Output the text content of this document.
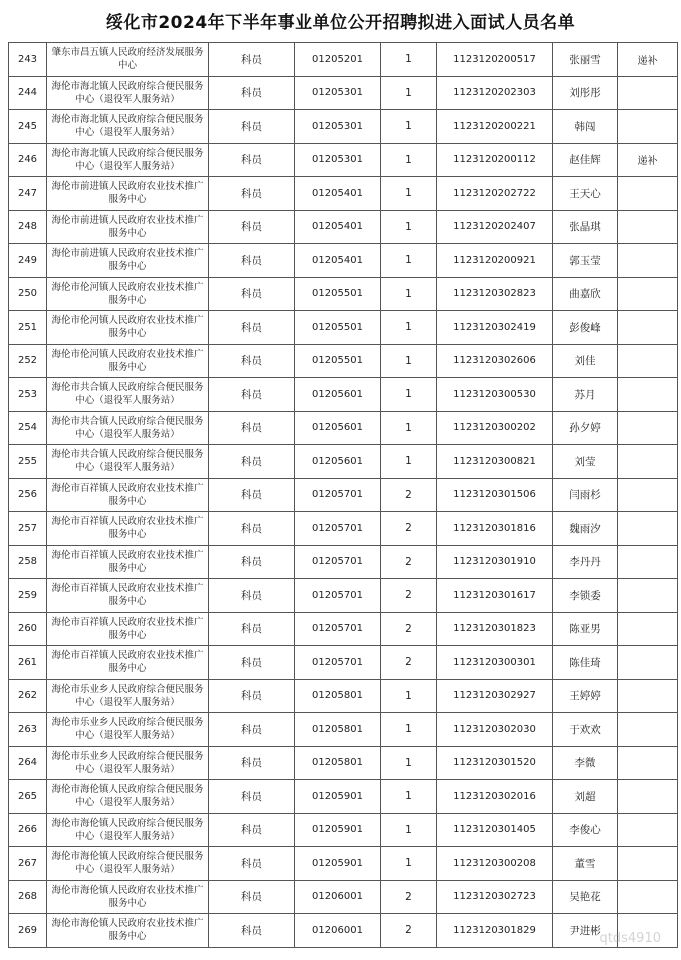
绥化市2024年下半年事业单位公开招聘拟进入面试人员名单
243	肇东市昌五镇人民政府经济发展服务中心	科员	01205201	1	1123120200517	张丽雪	递补
244	海伦市海北镇人民政府综合便民服务中心（退役军人服务站）	科员	01205301	1	1123120202303	刘彤彤	
245	海伦市海北镇人民政府综合便民服务中心（退役军人服务站）	科员	01205301	1	1123120200221	韩闯	
246	海伦市海北镇人民政府综合便民服务中心（退役军人服务站）	科员	01205301	1	1123120200112	赵佳辉	递补
247	海伦市前进镇人民政府农业技术推广服务中心	科员	01205401	1	1123120202722	王天心	
248	海伦市前进镇人民政府农业技术推广服务中心	科员	01205401	1	1123120202407	张晶琪	
249	海伦市前进镇人民政府农业技术推广服务中心	科员	01205401	1	1123120200921	郭玉莹	
250	海伦市伦河镇人民政府农业技术推广服务中心	科员	01205501	1	1123120302823	曲嘉欣	
251	海伦市伦河镇人民政府农业技术推广服务中心	科员	01205501	1	1123120302419	彭俊峰	
252	海伦市伦河镇人民政府农业技术推广服务中心	科员	01205501	1	1123120302606	刘佳	
253	海伦市共合镇人民政府综合便民服务中心（退役军人服务站）	科员	01205601	1	1123120300530	苏月	
254	海伦市共合镇人民政府综合便民服务中心（退役军人服务站）	科员	01205601	1	1123120300202	孙夕婷	
255	海伦市共合镇人民政府综合便民服务中心（退役军人服务站）	科员	01205601	1	1123120300821	刘莹	
256	海伦市百祥镇人民政府农业技术推广服务中心	科员	01205701	2	1123120301506	闫雨杉	
257	海伦市百祥镇人民政府农业技术推广服务中心	科员	01205701	2	1123120301816	魏雨汐	
258	海伦市百祥镇人民政府农业技术推广服务中心	科员	01205701	2	1123120301910	李丹丹	
259	海伦市百祥镇人民政府农业技术推广服务中心	科员	01205701	2	1123120301617	李锁委	
260	海伦市百祥镇人民政府农业技术推广服务中心	科员	01205701	2	1123120301823	陈亚男	
261	海伦市百祥镇人民政府农业技术推广服务中心	科员	01205701	2	1123120300301	陈佳琦	
262	海伦市乐业乡人民政府综合便民服务中心（退役军人服务站）	科员	01205801	1	1123120302927	王婷婷	
263	海伦市乐业乡人民政府综合便民服务中心（退役军人服务站）	科员	01205801	1	1123120302030	于欢欢	
264	海伦市乐业乡人民政府综合便民服务中心（退役军人服务站）	科员	01205801	1	1123120301520	李微	
265	海伦市海伦镇人民政府综合便民服务中心（退役军人服务站）	科员	01205901	1	1123120302016	刘超	
266	海伦市海伦镇人民政府综合便民服务中心（退役军人服务站）	科员	01205901	1	1123120301405	李俊心	
267	海伦市海伦镇人民政府综合便民服务中心（退役军人服务站）	科员	01205901	1	1123120300208	董雪	
268	海伦市海伦镇人民政府农业技术推广服务中心	科员	01206001	2	1123120302723	吴艳花	
269	海伦市海伦镇人民政府农业技术推广服务中心	科员	01206001	2	1123120301829	尹进彬	
qtds4910
